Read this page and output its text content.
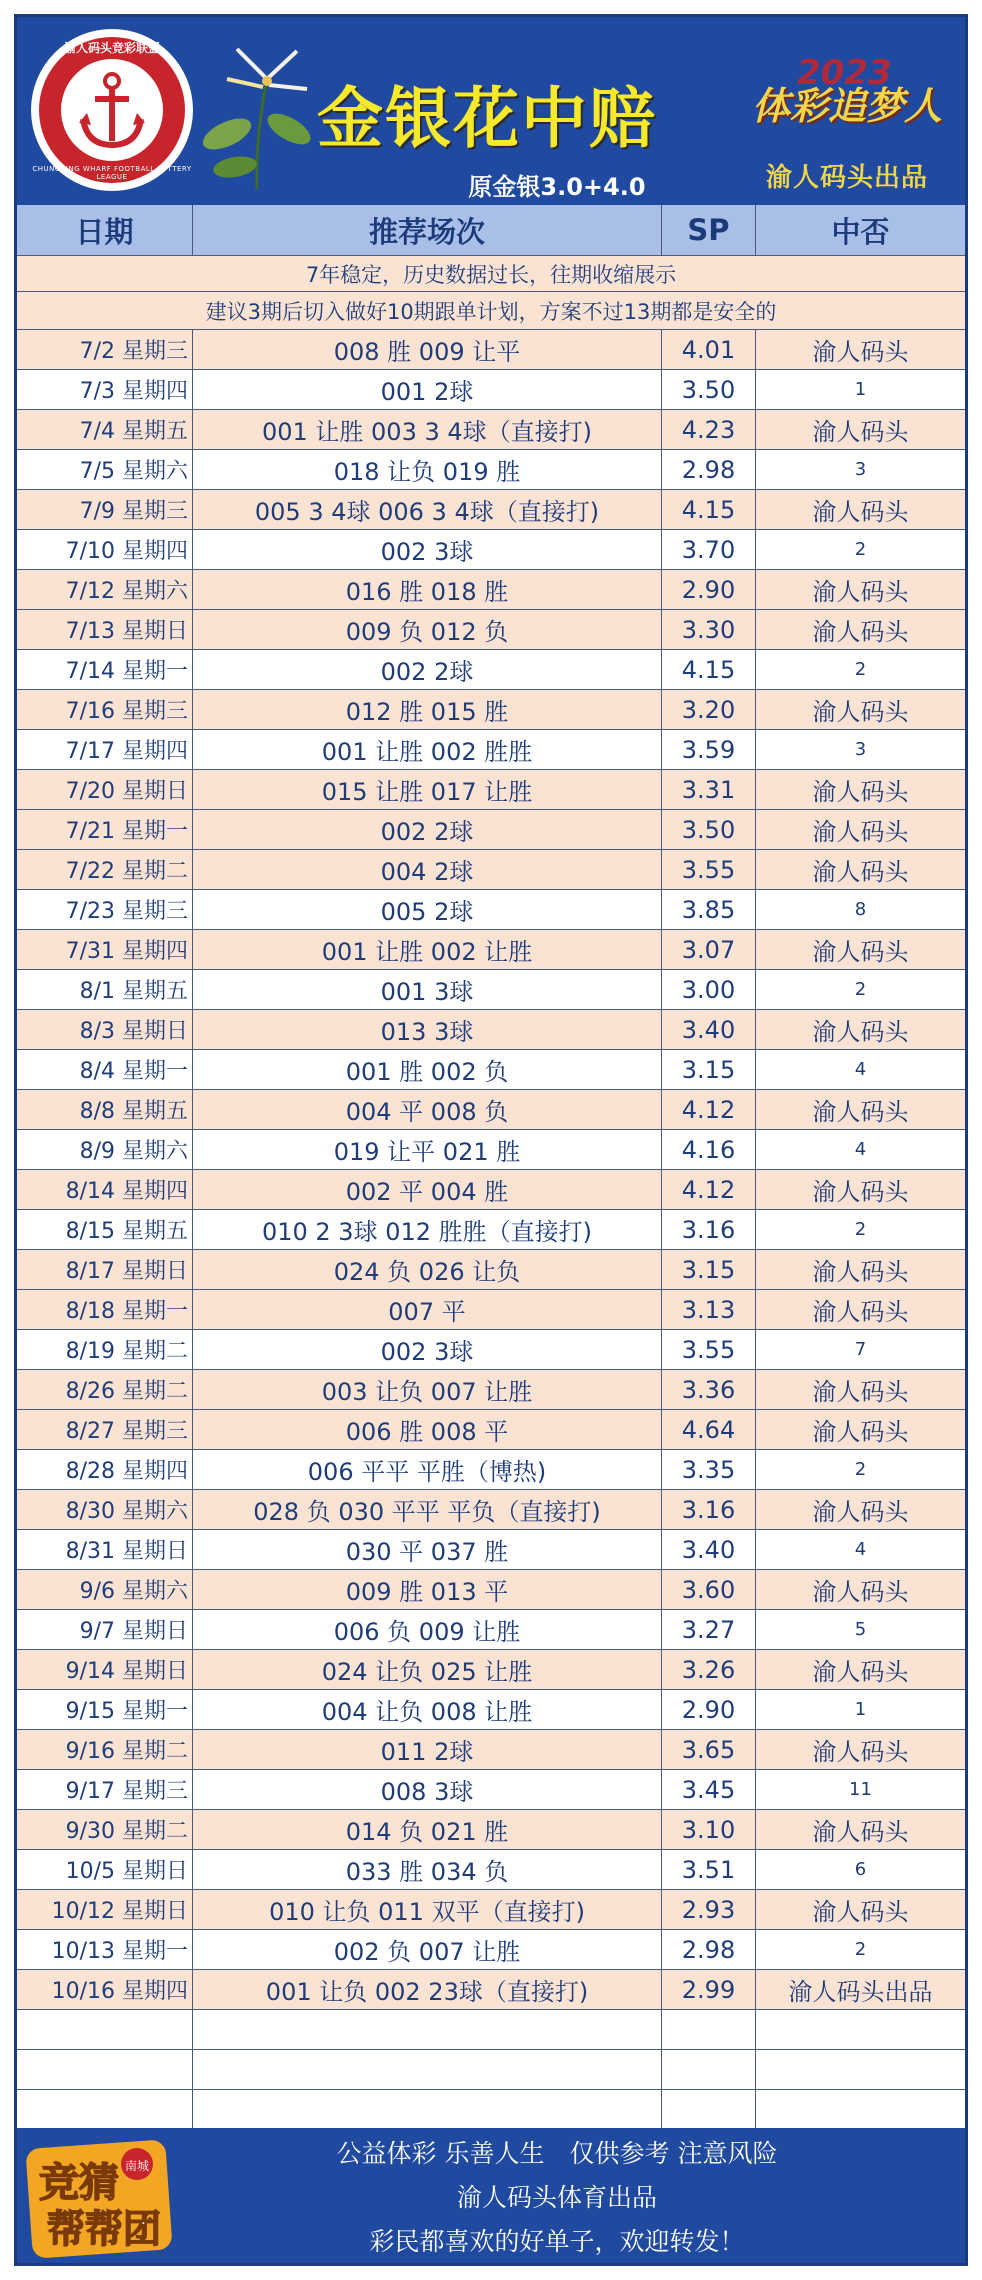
渝人码头竞彩联盟
CHUNGKING WHARF FOOTBALL LOTTERY LEAGUE
金银花中赔
原金银3.0+4.0
2023
体彩追梦人
渝人码头出品
日期	推荐场次	SP	中否
7年稳定，历史数据过长，往期收缩展示
建议3期后切入做好10期跟单计划，方案不过13期都是安全的
7/2 星期三	008 胜 009 让平	4.01	渝人码头
7/3 星期四	001 2球	3.50	1
7/4 星期五	001 让胜 003 3 4球（直接打)	4.23	渝人码头
7/5 星期六	018 让负 019 胜	2.98	3
7/9 星期三	005 3 4球 006 3 4球（直接打)	4.15	渝人码头
7/10 星期四	002 3球	3.70	2
7/12 星期六	016 胜 018 胜	2.90	渝人码头
7/13 星期日	009 负 012 负	3.30	渝人码头
7/14 星期一	002 2球	4.15	2
7/16 星期三	012 胜 015 胜	3.20	渝人码头
7/17 星期四	001 让胜 002 胜胜	3.59	3
7/20 星期日	015 让胜 017 让胜	3.31	渝人码头
7/21 星期一	002 2球	3.50	渝人码头
7/22 星期二	004 2球	3.55	渝人码头
7/23 星期三	005 2球	3.85	8
7/31 星期四	001 让胜 002 让胜	3.07	渝人码头
8/1 星期五	001 3球	3.00	2
8/3 星期日	013 3球	3.40	渝人码头
8/4 星期一	001 胜 002 负	3.15	4
8/8 星期五	004 平 008 负	4.12	渝人码头
8/9 星期六	019 让平 021 胜	4.16	4
8/14 星期四	002 平 004 胜	4.12	渝人码头
8/15 星期五	010 2 3球 012 胜胜（直接打)	3.16	2
8/17 星期日	024 负 026 让负	3.15	渝人码头
8/18 星期一	007 平	3.13	渝人码头
8/19 星期二	002 3球	3.55	7
8/26 星期二	003 让负 007 让胜	3.36	渝人码头
8/27 星期三	006 胜 008 平	4.64	渝人码头
8/28 星期四	006 平平 平胜（博热)	3.35	2
8/30 星期六	028 负 030 平平 平负（直接打)	3.16	渝人码头
8/31 星期日	030 平 037 胜	3.40	4
9/6 星期六	009 胜 013 平	3.60	渝人码头
9/7 星期日	006 负 009 让胜	3.27	5
9/14 星期日	024 让负 025 让胜	3.26	渝人码头
9/15 星期一	004 让负 008 让胜	2.90	1
9/16 星期二	011 2球	3.65	渝人码头
9/17 星期三	008 3球	3.45	11
9/30 星期二	014 负 021 胜	3.10	渝人码头
10/5 星期日	033 胜 034 负	3.51	6
10/12 星期日	010 让负 011 双平（直接打)	2.93	渝人码头
10/13 星期一	002 负 007 让胜	2.98	2
10/16 星期四	001 让负 002 23球（直接打)	2.99	渝人码头出品
竞猜
帮帮团
南城	公益体彩 乐善人生　仅供参考 注意风险
渝人码头体育出品
彩民都喜欢的好单子，欢迎转发！
